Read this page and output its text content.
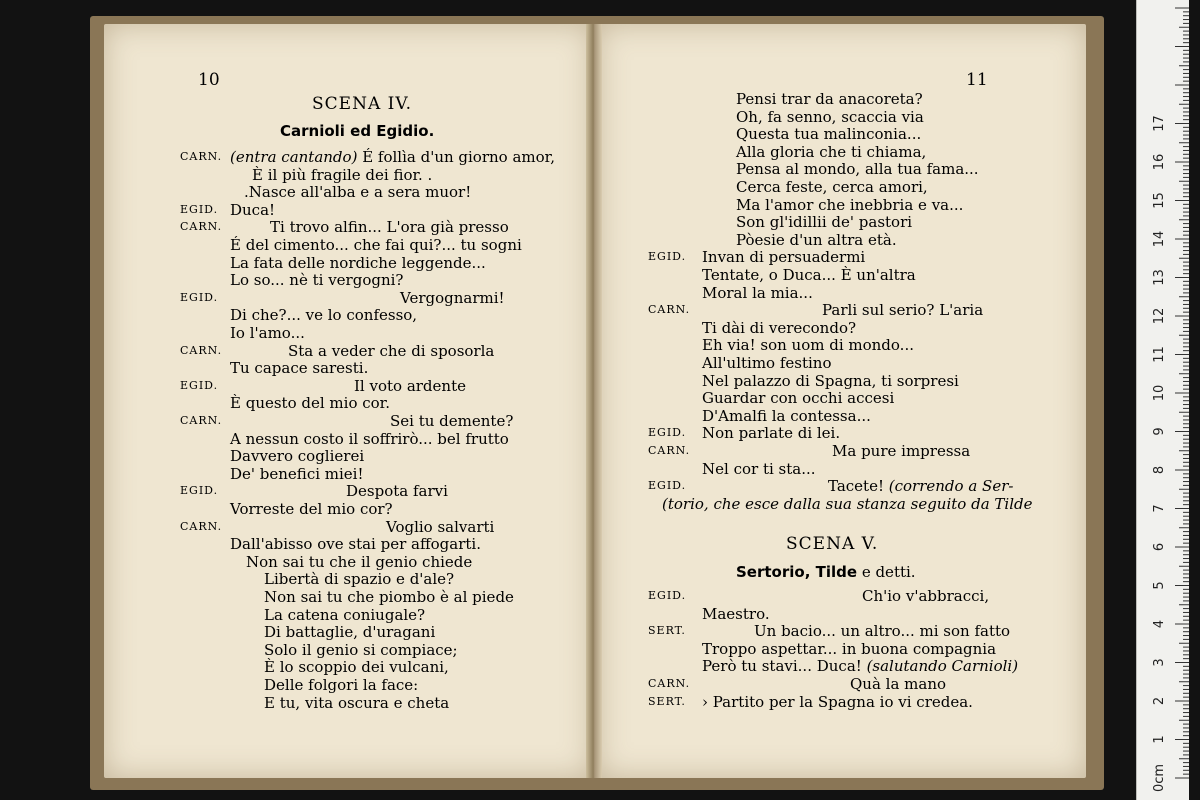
10	11
SCENA IV.
Carnioli ed Egidio.
CARN. (entra cantando) É follìa d'un giorno amor,
È il più fragile dei fior. .
.Nasce all'alba e a sera muor!
EGID. Duca!
CARN.	Ti trovo alfin... L'ora già presso
É del cimento... che fai qui?... tu sogni
La fata delle nordiche leggende...
Lo so... nè ti vergogni?
EGID.	Vergognarmi!
Di che?... ve lo confesso,
Io l'amo...
CARN.	Sta a veder che di sposorla
Tu capace saresti.
EGID.	Il voto ardente
È questo del mio cor.
CARN.	Sei tu demente?
A nessun costo il soffrirò... bel frutto
Davvero coglierei
De' benefici miei!
EGID.	Despota farvi
Vorreste del mio cor?
CARN.	Voglio salvarti
Dall'abisso ove stai per affogarti.
Non sai tu che il genio chiede
Libertà di spazio e d'ale?
Non sai tu che piombo è al piede
La catena coniugale?
Di battaglie, d'uragani
Solo il genio si compiace;
È lo scoppio dei vulcani,
Delle folgori la face:
E tu, vita oscura e cheta
Pensi trar da anacoreta?
Oh, fa senno, scaccia via
Questa tua malinconia...
Alla gloria che ti chiama,
Pensa al mondo, alla tua fama...
Cerca feste, cerca amori,
Ma l'amor che inebbria e va...
Son gl'idillii de' pastori
Pòesie d'un altra età.
EGID. Invan di persuadermi
Tentate, o Duca... È un'altra
Moral la mia...
CARN.	Parli sul serio? L'aria
Ti dài di verecondo?
Eh via! son uom di mondo...
All'ultimo festino
Nel palazzo di Spagna, ti sorpresi
Guardar con occhi accesi
D'Amalfi la contessa...
EGID. Non parlate di lei.
CARN.	Ma pure impressa
Nel cor ti sta...
EGID.	Tacete! (correndo a Ser-
(torio, che esce dalla sua stanza seguito da Tilde
EGID.	Ch'io v'abbracci,
Maestro.
SERT.	Un bacio... un altro... mi son fatto
Troppo aspettar... in buona compagnia
Però tu stavi... Duca! (salutando Carnioli)
CARN.	Quà la mano
SERT. › Partito per la Spagna io vi credea.
SCENA V.
Sertorio, Tilde e detti.
0cm
1
2
3
4
5
6
7
8
9
10
11
12
13
14
15
16
17
